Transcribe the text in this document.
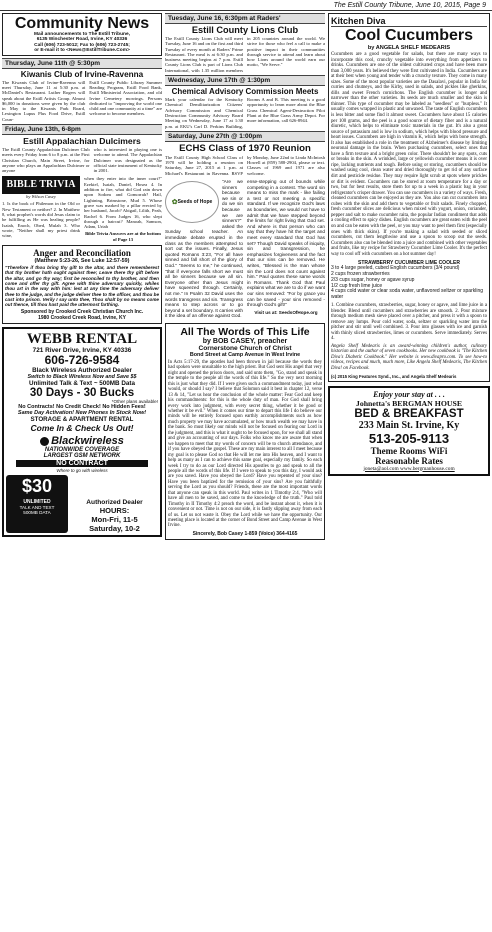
The Estill County Tribune, June 10, 2015, Page 9
Community News
Mail announcements to The Estill Tribune,
6135 Winchester Road, Irvine, KY 40336
Call (606) 723-5012; Fax to (606) 723-2745;
or E-mail it to <News@EstillTribune.Com>
Thursday, June 11th @ 5:30pm
Kiwanis Club of Irvine-Ravenna

The Kiwanis Club of Irvine-Ravenna will meet Thursday, June 11 at 5:30 p.m. at McDaniel's Restaurant. Luther Rogers will speak about the Estill Artists Group. Almost $6,000 in donations were given by the club in May to the Kiwanis Park Board, Lexington Lupus Plus Food Drive, Estill Coun-

Estill County Public Library Summer Reading Program, Estill Food Bank, Estill Ministerial Association, and old Irvine Cemetery mowings. Persons dedicated to "improving the world one child and one community at a time" are welcome to become members.

Friday, June 13th, 6-8pm
Estill Appalachian Dulcimers

The Estill County Appalachian Dulcimer Club meets every Friday from 6 to 8 p.m. at the First Christian Church, Main Street, Irvine, for anyone who plays an Appalachian Dulcimer or anyone

who is interested in playing one is welcome to attend. The Appalachian Dulcimer was designated as the official state instrument of Kentucky in 2001.

BIBLE TRIVIA
by Wilson Casey

1. Is the book of Philemon in the Old or New Testament or neither? 2. In Matthew 8, what prophet's words did Jesus claim to be fulfilling as He was healing people? Isaiah, Enoch, Obed, Mulah 3. Who wrote, "Neither shall my priest drink wine,

when they enter into the inner court?" Ezekiel, Isaiah, Daniel, Hosea 4. In addition to fire, what did God rain down upon Sodom and Gomorrah? Hail, Lightning, Brimstone, Mud 5. Whose grave was marked by a pillar erected by her husband, Jacob? Abigail, Lilith, Peah, Rachel 6. From Judges 16, who slept through a haircut? Manoah, Samson, Adam, Uriah

Bible Trivia Answers are at the bottom of Page 13

Anger and Reconciliation
(Matthew 5:23-26, See Luke 12:57-59)

"Therefore if thou bring thy gift to the altar, and there rememberest that thy brother hath ought against thee; Leave there thy gift before the altar, and go thy way; first be reconciled to thy brother, and then come and offer thy gift. Agree with thine adversary quickly, whiles thou art in the way with him: lest at any time the adversary deliver thee to the judge, and the judge deliver thee to the officer, and thou be cast into prison. Verily I say unto thee, Thou shalt by no means come out thence, till thou hast paid the uttermost farthing.

Sponsored by Crooked Creek Christian Church Inc.
1980 Crooked Creek Road, Irvine, KY
WEBB RENTAL
721 River Drive, Irvine, KY 40336
606-726-9584
Black Wireless Authorized Dealer
Switch to Black Wireless Now and Save $$
Unlimited Talk & Text ~ 500MB Data
30 Days - 30 Bucks
*Other plans available!
No Contracts! No Credit Check! No Hidden Fees!
Same Day Activation! New Phones In Stock Now!
STORAGE & APARTMENT RENTAL
Come In & Check Us Out!
Blackwireless
NATIONWIDE COVERAGE
LARGEST GSM NETWORK
NO CONTRACT
Where to go with wireless
$30
UNLIMITED
TALK AND TEXT
500MB DATA
Authorized Dealer
HOURS:
Mon-Fri, 11-5
Saturday, 10-2
Tuesday, June 16, 6:30pm at Raders'
Estill County Lions Club

The Estill County Lions Club will meet Tuesday, June 16 and on the first and third Tuesday of every month at Raders' Prime Restaurant. The meal is at 6:30 p.m. and business meeting begins at 7 p.m. Estill County Lions Club is part of Lions Club International, with 1.35 million members in 205 countries around the world. We strive for those who feel a call to make a positive impact in their communities through service to attend and learn about how Lions around the world earn our motto, "We Serve."

Wednesday, June 17th @ 1:30pm
Chemical Advisory Commission Meets

Mark your calendar for the Kentucky Chemical Demilitarization Citizens' Advisory Commission and Chemical Destruction Community Advisory Board Meeting on Wednesday, June 17 at 1:30 p.m. at EKU's Carl D. Perkins Building, Rooms A and B. This meeting is a good opportunity to learn more about the Blue Grass Chemical Agent-Destruction Pilot Plant at the Blue Grass Army Depot. For more information, call 626-8944.

Saturday, June 27th @ 1:00pm
ECHS Class of 1970 Reunion

The Estill County High School Class of 1970 will be holding a reunion on Saturday, June 27, 2015 at 1 p.m. at Michael's Restaurant in Ravenna. RSVP by Monday, June 22nd to Linda McIntosh Howell at (859) 588-2904, please or text. Classes of 1969 and 1971 are also welcome.

✿ Seeds of Hope

"Are we sinners because we sin or do we sin because we are sinners?" asked the Sunday school teacher. An immediate debate erupted in the class as the members attempted to sort out the issues. Finally, Jesus quoted Romans 3:23, "For all have sinned and fall short of the glory of God." "Seems to me," he continued, "that if everyone falls short we must all be sinners because we all sin. Everyone other than Jesus might have squeezed through. Certainly, not me." In Psalm 32 David uses the words transgress and sin. Transgress means to step across or to go beyond a set boundary. It carries with it the idea of an offense against God.

ense-stepping out of bounds while competing in a contest. The word sin means to miss the mark - like failing a test or not meeting a specific standard. If we recognize God's laws as boundaries, we would not have to admit that we have stepped beyond the limits for right living that God set. And where is that person who can say that they have hit the target and meet every standard that God has set? Though David speaks of iniquity, sin and transgression, he emphasizes forgiveness and the fact that our sins can be removed. He writes, "Blessed is the man whose sin the Lord does not count against him." Paul quotes these same words in Romans. Thank God that Paul explains what we are to do if we want our sins removed: "For by grace you can be saved - your sins removed - through God's gift!"

Visit us at: SeedsOfHope.org
All The Words of This Life
by BOB CASEY, preacher
Cornerstone Church of Christ
Bond Street at Camp Avenue in West Irvine

In Acts 5:17-29, the apostles had been thrown in jail because the words they had spoken were unsuitable to the high priest. But God sent His angel that very night and opened the prison doors, and said unto them, "Go, stand and speak in the temple to the people all the words of this life." So the very next morning this is just what they did. If I were given such a commandment today, just what would, or should I say? I believe that Solomon said it best in chapter 12, verse 13 & 14, "Let us hear the conclusion of the whole matter: Fear God and keep his commandments: for this is the whole duty of man. For God shall bring every work into judgment, with every secret thing, whether it be good or whether it be evil." When it comes our time to depart this life I do believe our minds will be entirely focused upon earthly accomplishments such as how much property we may have accumulated, or how much wealth we may have in the bank. So must likely our minds will not be focused on fearing our Lord in the judgment, and this is what it ought to be focused upon, for we shall all stand and give an accounting of our days. Folks who know me are aware that when we happen to meet that my words of concern will be to church attendance, and if you have obeyed the gospel. These are my main interest to all I meet because my goal is to please God so that He will let me into His heaven, and I want to help as many as I can to achieve this same goal, especially my family. So each week I try to do as our Lord directed His apostles to go and speak to all the people all the words of this life. If I were to speak to you this day, I would ask are you saved. Have you obeyed the Lord? Have you repented of your sins? Have you been baptized for the remission of your sins? Are you faithfully serving the Lord as you should? Friends, these are the most important words that anyone can speak in this world. Paul writes in 1 Timothy 2:4, "Who will have all men to be saved, and come to the knowledge of the truth." Paul told Timothy in II Timothy 4:2 preach the word, and be instant about it, when it is convenient or not. Time is not on our side, it is fastly slipping away from each of us. Let us not waste it. Obey the Lord while we have the opportunity. Our meeting place is located at the corner of Bond Street and Camp Avenue in West Irvine.

Sincerely, Bob Casey 1-859 (Voice) 364-4165
Kitchen Diva
Cool Cucumbers
by ANGELA SHELF MEDEARIS

Cucumbers are a good vegetable for salads, but there are many ways to incorporate this cool, crunchy vegetable into everything from appetizers to drinks. Cucumbers are one of the oldest cultivated crops and have been more than 3,000 years. It's believed they were first cultivated in India. Cucumbers are at their best when young and tender with a crunchy texture. They come in many sizes. Some of the most popular varieties are the Dasalavi, popular in India for curries and chutneys, and the Kirby, used in salads, and pickles like gherkins, dills and sweet French cornichons. The English cucumber is longer and narrower than the other varieties. Its seeds are much smaller and the skin is thinner. This type of cucumber may be labeled as "seedless" or "burpless." It usually comes wrapped in plastic and unwaxed. The taste of English cucumbers is less bitter and some find it almost sweet. Cucumbers have about 15 calories per 100 grams, and the peel is a good source of dietary fiber and is a natural diuretic, which helps to eliminate toxic materials in the gut. It's also a great source of potassium and is low in sodium, which helps with blood pressure and heart issues. Cucumbers are high in vitamin K, which helps with bone strength. It also has established a role in the treatment of Alzheimer's disease by limiting neuronal damage in the brain. When purchasing cucumbers, select ones that have a firm texture and a bright green color. There shouldn't be any spots, cuts or breaks in the skin. A wrinkled, large or yellowish cucumber means it is over ripe, lacking nutrients and tough. Before using or storing, cucumbers should be washed using cool, clean water and dried thoroughly to get rid of any surface dirt and pesticide residue. They may require light scrub at spots where prickles or dirt is evident. Cucumbers can be stored at room temperature for a day or two, but for best results, store them for up to a week in a plastic bag in your refrigerator's crisper drawer. You can use cucumbers in a variety of ways. Fresh, cleaned cucumbers can be enjoyed as they are. You also can cut cucumbers into cubes with the skin and add them to vegetable or fruit salads. Finely chopped, fresh cucumber slices are delicious when mixed with yogurt, onion, coriander, pepper and salt to make cucumber raita, the popular Indian condiment that adds a cooling effect to spicy dishes. English cucumbers are great eaten with the peel on and can be eaten with the peel, or you may want to peel them first (especially ones with thick skins). If you're making a salad with seeded or sliced cucumbers, cut them lengthwise and use a spoon to scoop out the seeds. Cucumbers also can be blended into a juice and combined with other vegetables and fruits, like my recipe for Strawberry Cucumber Lime Cooler. It's the perfect way to cool off with cucumbers on a hot summer day!

STRAWBERRY CUCUMBER LIME COOLER
3 to 4 large peeled, cubed English cucumbers (3/4 pound)
2 cups frozen strawberries
2/3 cups sugar, honey or agave syrup
1/2 cup fresh lime juice
4 cups cold water or clear soda water, unflavored seltzer or sparkling water

1. Combine cucumbers, strawberries, sugar, honey or agave, and lime juice in a blender. Blend until cucumbers and strawberries are smooth. 2. Pour mixture through medium mesh sieve placed over a pitcher, and press it with a spoon to remove any lumps. Pour cold water, soda, seltzer or sparkling water into the pitcher and stir until well combined. 3. Pour into glasses with ice and garnish with thinly sliced strawberries, limes or cucumbers. Serve immediately. Serves 4.

Angela Shelf Medearis is an award-winning children's author, culinary historian and the author of seven cookbooks. Her new cookbook is "The Kitchen Diva's Diabetic Cookbook." Her website is www.divapro.com. To see how-to videos, recipes and much, much more, Like Angela Shelf Medearis, The Kitchen Diva! on Facebook.

(c) 2015 King Features Synd., Inc., and Angela Shelf Medearis
Enjoy your stay at . . .
Johnetta's BERGMAN HOUSE
BED & BREAKFAST
233 Main St. Irvine, Ky
513-205-9113
Theme Rooms WiFi
Reasonable Rates
joneta@aol.com www.bergmanhouse.com
